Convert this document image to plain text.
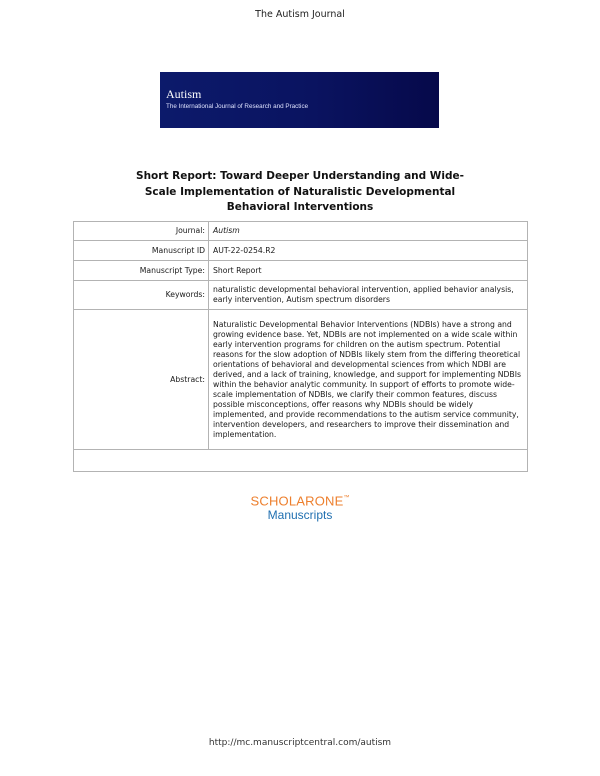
The Autism Journal
Autism
The International Journal of Research and Practice
Short Report: Toward Deeper Understanding and Wide-
Scale Implementation of Naturalistic Developmental
Behavioral Interventions
Journal:	Autism
Manuscript ID	AUT-22-0254.R2
Manuscript Type:	Short Report
Keywords:	naturalistic developmental behavioral intervention, applied behavior analysis, early intervention, Autism spectrum disorders
Abstract:	Naturalistic Developmental Behavior Interventions (NDBIs) have a strong and growing evidence base. Yet, NDBIs are not implemented on a wide scale within early intervention programs for children on the autism spectrum. Potential reasons for the slow adoption of NDBIs likely stem from the differing theoretical orientations of behavioral and developmental sciences from which NDBI are derived, and a lack of training, knowledge, and support for implementing NDBIs within the behavior analytic community. In support of efforts to promote wide-scale implementation of NDBIs, we clarify their common features, discuss possible misconceptions, offer reasons why NDBIs should be widely implemented, and provide recommendations to the autism service community, intervention developers, and researchers to improve their dissemination and implementation.

SCHOLARONE™
Manuscripts
http://mc.manuscriptcentral.com/autism
